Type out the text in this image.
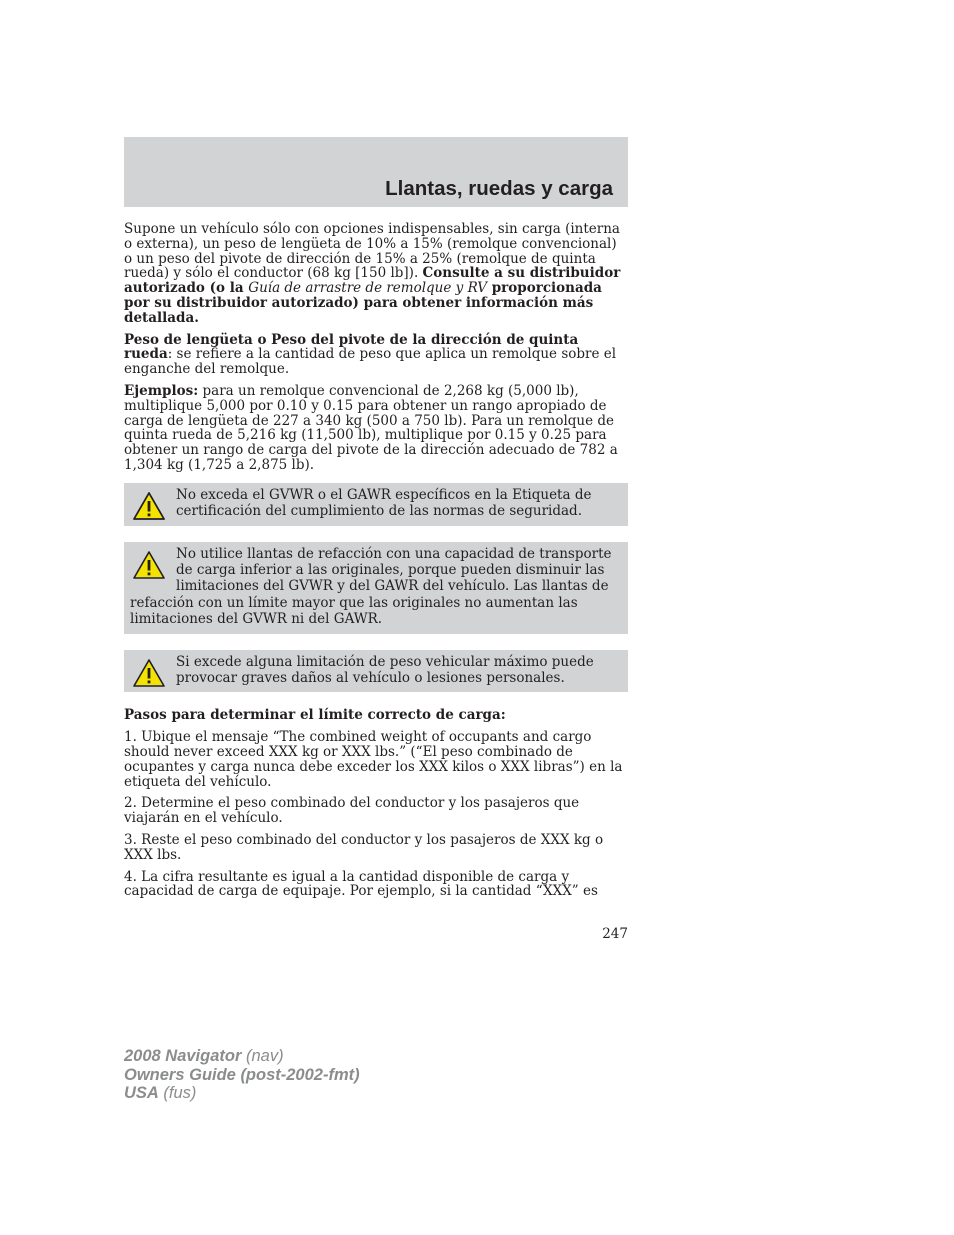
Llantas, ruedas y carga

Supone un vehículo sólo con opciones indispensables, sin carga (interna o externa), un peso de lengüeta de 10% a 15% (remolque convencional) o un peso del pivote de dirección de 15% a 25% (remolque de quinta rueda) y sólo el conductor (68 kg [150 lb]). Consulte a su distribuidor autorizado (o la Guía de arrastre de remolque y RV proporcionada por su distribuidor autorizado) para obtener información más detallada.

Peso de lengüeta o Peso del pivote de la dirección de quinta rueda: se refiere a la cantidad de peso que aplica un remolque sobre el enganche del remolque.

Ejemplos: para un remolque convencional de 2,268 kg (5,000 lb), multiplique 5,000 por 0.10 y 0.15 para obtener un rango apropiado de carga de lengüeta de 227 a 340 kg (500 a 750 lb). Para un remolque de quinta rueda de 5,216 kg (11,500 lb), multiplique por 0.15 y 0.25 para obtener un rango de carga del pivote de la dirección adecuado de 782 a 1,304 kg (1,725 a 2,875 lb).

No exceda el GVWR o el GAWR específicos en la Etiqueta de certificación del cumplimiento de las normas de seguridad.
No utilice llantas de refacción con una capacidad de transporte de carga inferior a las originales, porque pueden disminuir las limitaciones del GVWR y del GAWR del vehículo. Las llantas de refacción con un límite mayor que las originales no aumentan las limitaciones del GVWR ni del GAWR.
Si excede alguna limitación de peso vehicular máximo puede provocar graves daños al vehículo o lesiones personales.

Pasos para determinar el límite correcto de carga:

1. Ubique el mensaje “The combined weight of occupants and cargo should never exceed XXX kg or XXX lbs.” (“El peso combinado de ocupantes y carga nunca debe exceder los XXX kilos o XXX libras”) en la etiqueta del vehículo.

2. Determine el peso combinado del conductor y los pasajeros que viajarán en el vehículo.

3. Reste el peso combinado del conductor y los pasajeros de XXX kg o XXX lbs.

4. La cifra resultante es igual a la cantidad disponible de carga y capacidad de carga de equipaje. Por ejemplo, si la cantidad “XXX” es

247
2008 Navigator (nav)
Owners Guide (post-2002-fmt)
USA (fus)
